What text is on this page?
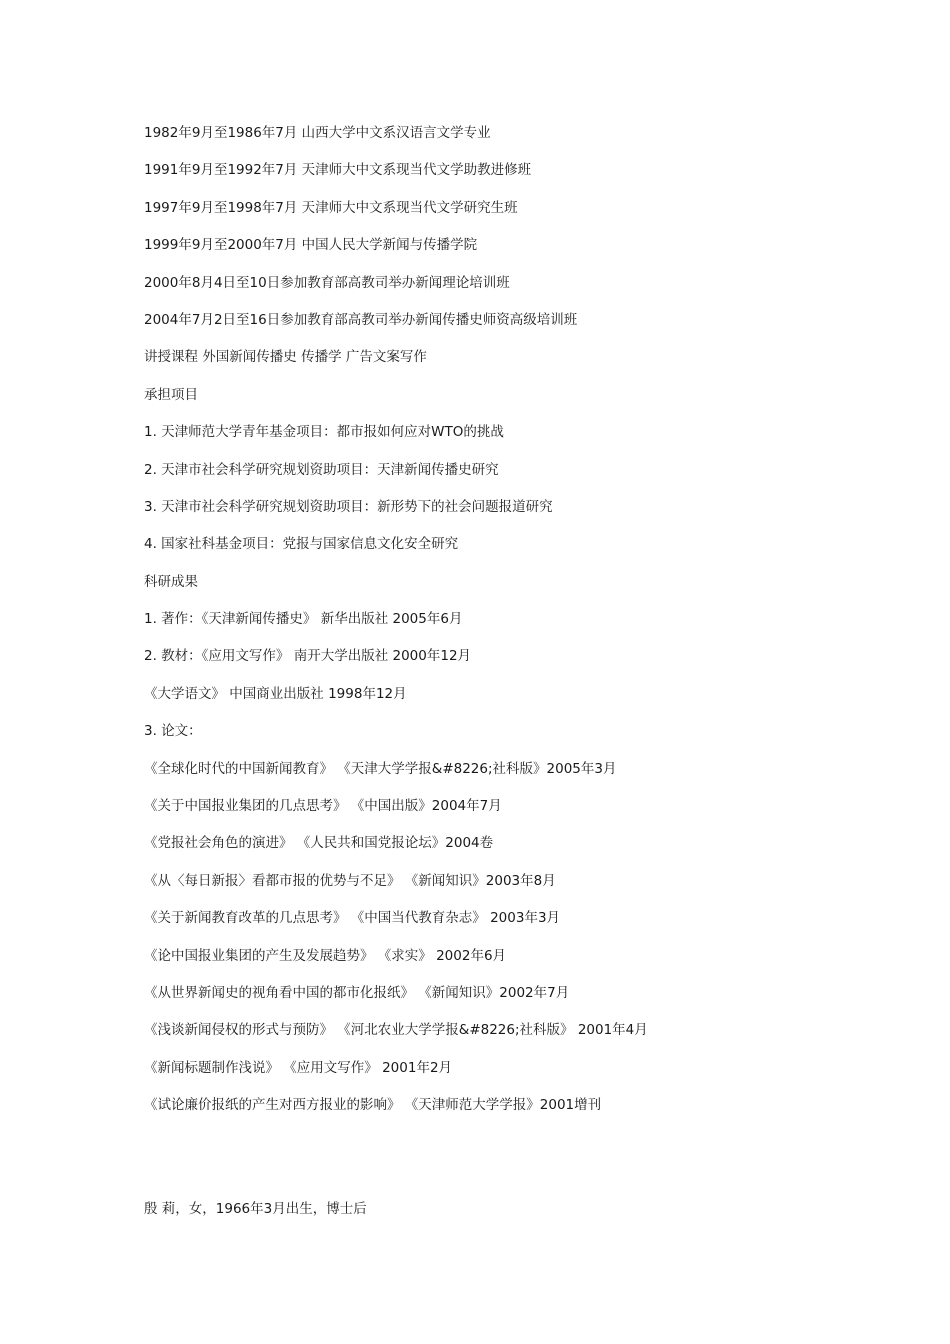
1982年9月至1986年7月 山西大学中文系汉语言文学专业
1991年9月至1992年7月 天津师大中文系现当代文学助教进修班
1997年9月至1998年7月 天津师大中文系现当代文学研究生班
1999年9月至2000年7月 中国人民大学新闻与传播学院
2000年8月4日至10日参加教育部高教司举办新闻理论培训班
2004年7月2日至16日参加教育部高教司举办新闻传播史师资高级培训班
讲授课程 外国新闻传播史 传播学 广告文案写作
承担项目
1. 天津师范大学青年基金项目：都市报如何应对WTO的挑战
2. 天津市社会科学研究规划资助项目：天津新闻传播史研究
3. 天津市社会科学研究规划资助项目：新形势下的社会问题报道研究
4. 国家社科基金项目：党报与国家信息文化安全研究
科研成果
1. 著作：《天津新闻传播史》 新华出版社 2005年6月
2. 教材：《应用文写作》 南开大学出版社 2000年12月
《大学语文》 中国商业出版社 1998年12月
3. 论文：
《全球化时代的中国新闻教育》 《天津大学学报&#8226;社科版》2005年3月
《关于中国报业集团的几点思考》 《中国出版》2004年7月
《党报社会角色的演进》 《人民共和国党报论坛》2004卷
《从〈每日新报〉看都市报的优势与不足》 《新闻知识》2003年8月
《关于新闻教育改革的几点思考》 《中国当代教育杂志》 2003年3月
《论中国报业集团的产生及发展趋势》 《求实》 2002年6月
《从世界新闻史的视角看中国的都市化报纸》 《新闻知识》2002年7月
《浅谈新闻侵权的形式与预防》 《河北农业大学学报&#8226;社科版》 2001年4月
《新闻标题制作浅说》 《应用文写作》 2001年2月
《试论廉价报纸的产生对西方报业的影响》 《天津师范大学学报》2001增刊
殷 莉，女，1966年3月出生，博士后
